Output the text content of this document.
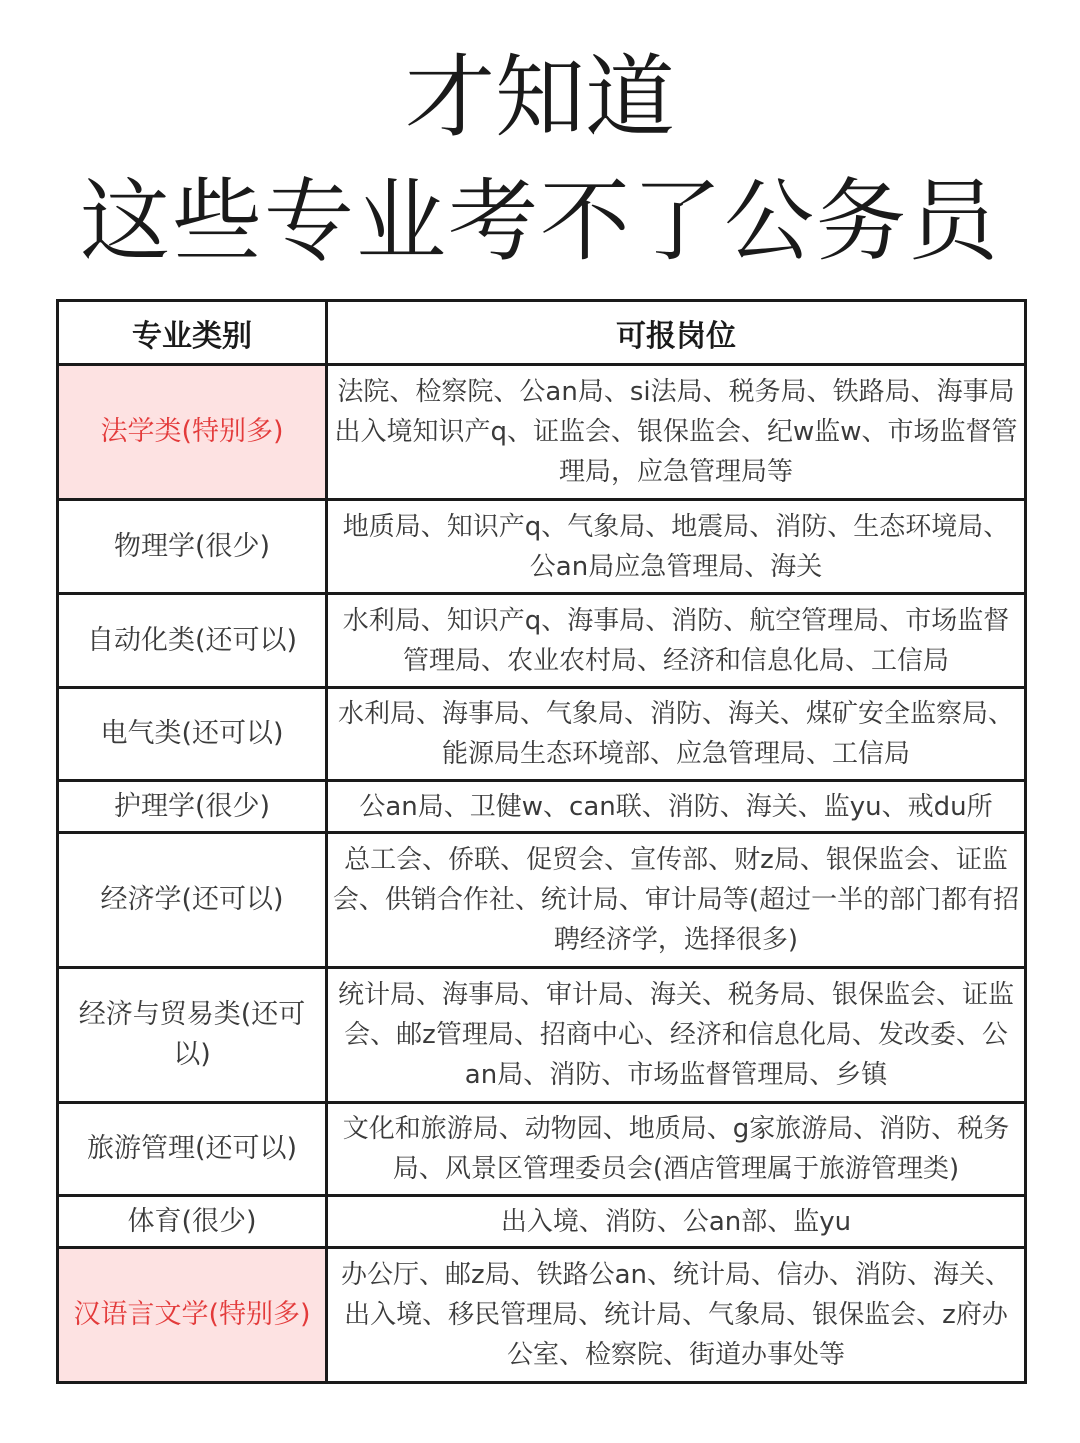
才知道
这些专业考不了公务员
专业类别	可报岗位
法学类(特别多)	法院、检察院、公an局、si法局、税务局、铁路局、海事局出入境知识产q、证监会、银保监会、纪w监w、市场监督管理局，应急管理局等
物理学(很少)	地质局、知识产q、气象局、地震局、消防、生态环境局、公an局应急管理局、海关
自动化类(还可以)	水利局、知识产q、海事局、消防、航空管理局、市场监督管理局、农业农村局、经济和信息化局、工信局
电气类(还可以)	水利局、海事局、气象局、消防、海关、煤矿安全监察局、能源局生态环境部、应急管理局、工信局
护理学(很少)	公an局、卫健w、can联、消防、海关、监yu、戒du所
经济学(还可以)	总工会、侨联、促贸会、宣传部、财z局、银保监会、证监会、供销合作社、统计局、审计局等(超过一半的部门都有招聘经济学，选择很多)
经济与贸易类(还可以)	统计局、海事局、审计局、海关、税务局、银保监会、证监会、邮z管理局、招商中心、经济和信息化局、发改委、公an局、消防、市场监督管理局、乡镇
旅游管理(还可以)	文化和旅游局、动物园、地质局、g家旅游局、消防、税务局、风景区管理委员会(酒店管理属于旅游管理类)
体育(很少)	出入境、消防、公an部、监yu
汉语言文学(特别多)	办公厅、邮z局、铁路公an、统计局、信办、消防、海关、出入境、移民管理局、统计局、气象局、银保监会、z府办公室、检察院、街道办事处等
